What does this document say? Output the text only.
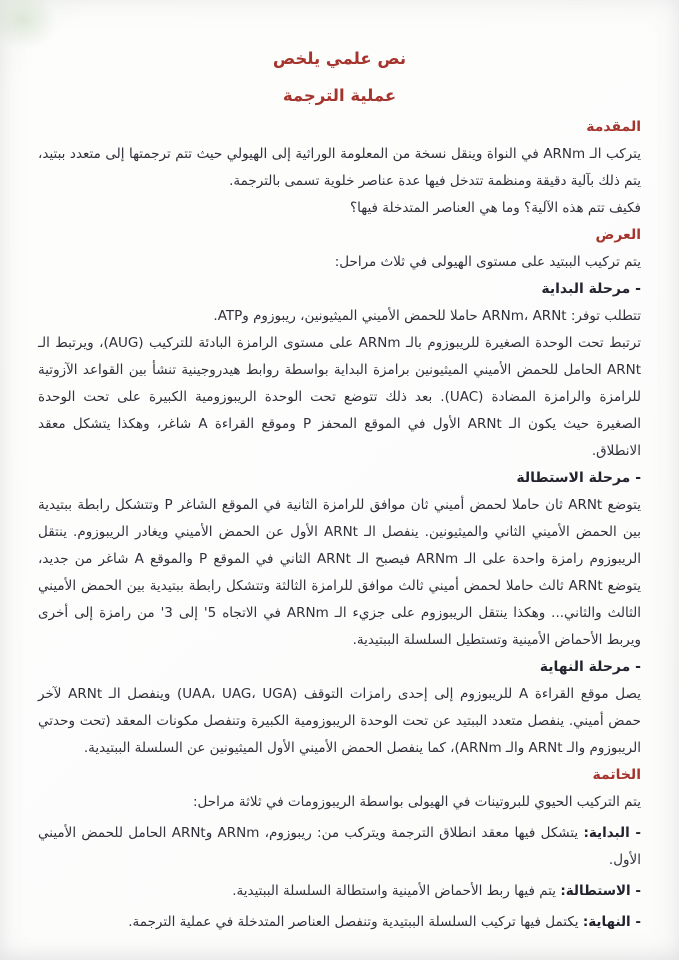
نص علمي يلخص
عملية الترجمة
المقدمة

يتركب الـ ARNm في النواة وينقل نسخة من المعلومة الوراثية إلى الهيولي حيث تتم ترجمتها إلى متعدد ببتيد، يتم ذلك بآلية دقيقة ومنظمة تتدخل فيها عدة عناصر خلوية تسمى بالترجمة.

فكيف تتم هذه الآلية؟ وما هي العناصر المتدخلة فيها؟

العرض

يتم تركيب الببتيد على مستوى الهيولى في ثلاث مراحل:

- مرحلة البداية

تتطلب توفر: ARNm، ARNt حاملا للحمض الأميني الميثيونين، ريبوزوم وATP.

ترتبط تحت الوحدة الصغيرة للريبوزوم بالـ ARNm على مستوى الرامزة البادئة للتركيب (AUG)، ويرتبط الـ ARNt الحامل للحمض الأميني الميثيونين برامزة البداية بواسطة روابط هيدروجينية تنشأ بين القواعد الآزوتية للرامزة والرامزة المضادة (UAC). بعد ذلك تتوضع تحت الوحدة الريبوزومية الكبيرة على تحت الوحدة الصغيرة حيث يكون الـ ARNt الأول في الموقع المحفز P وموقع القراءة A شاغر، وهكذا يتشكل معقد الانطلاق.

- مرحلة الاستطالة

يتوضع ARNt ثان حاملا لحمض أميني ثان موافق للرامزة الثانية في الموقع الشاغر P وتتشكل رابطة ببتيدية بين الحمض الأميني الثاني والميثيونين. ينفصل الـ ARNt الأول عن الحمض الأميني ويغادر الريبوزوم. ينتقل الريبوزوم رامزة واحدة على الـ ARNm فيصبح الـ ARNt الثاني في الموقع P والموقع A شاغر من جديد، يتوضع ARNt ثالث حاملا لحمض أميني ثالث موافق للرامزة الثالثة وتتشكل رابطة ببتيدية بين الحمض الأميني الثالث والثاني... وهكذا ينتقل الريبوزوم على جزيء الـ ARNm في الاتجاه 5' إلى 3' من رامزة إلى أخرى ويربط الأحماض الأمينية وتستطيل السلسلة الببتيدية.

- مرحلة النهاية

يصل موقع القراءة A للريبوزوم إلى إحدى رامزات التوقف (UAA، UAG، UGA) وينفصل الـ ARNt لآخر حمض أميني. ينفصل متعدد الببتيد عن تحت الوحدة الريبوزومية الكبيرة وتنفصل مكونات المعقد (تحت وحدتي الريبوزوم والـ ARNt والـ ARNm)، كما ينفصل الحمض الأميني الأول الميثيونين عن السلسلة الببتيدية.

الخاتمة

يتم التركيب الحيوي للبروتينات في الهيولى بواسطة الريبوزومات في ثلاثة مراحل:

- البداية: يتشكل فيها معقد انطلاق الترجمة ويتركب من: ريبوزوم، ARNm وARNt الحامل للحمض الأميني الأول.

- الاستطالة: يتم فيها ربط الأحماض الأمينية واستطالة السلسلة الببتيدية.

- النهاية: يكتمل فيها تركيب السلسلة الببتيدية وتنفصل العناصر المتدخلة في عملية الترجمة.
